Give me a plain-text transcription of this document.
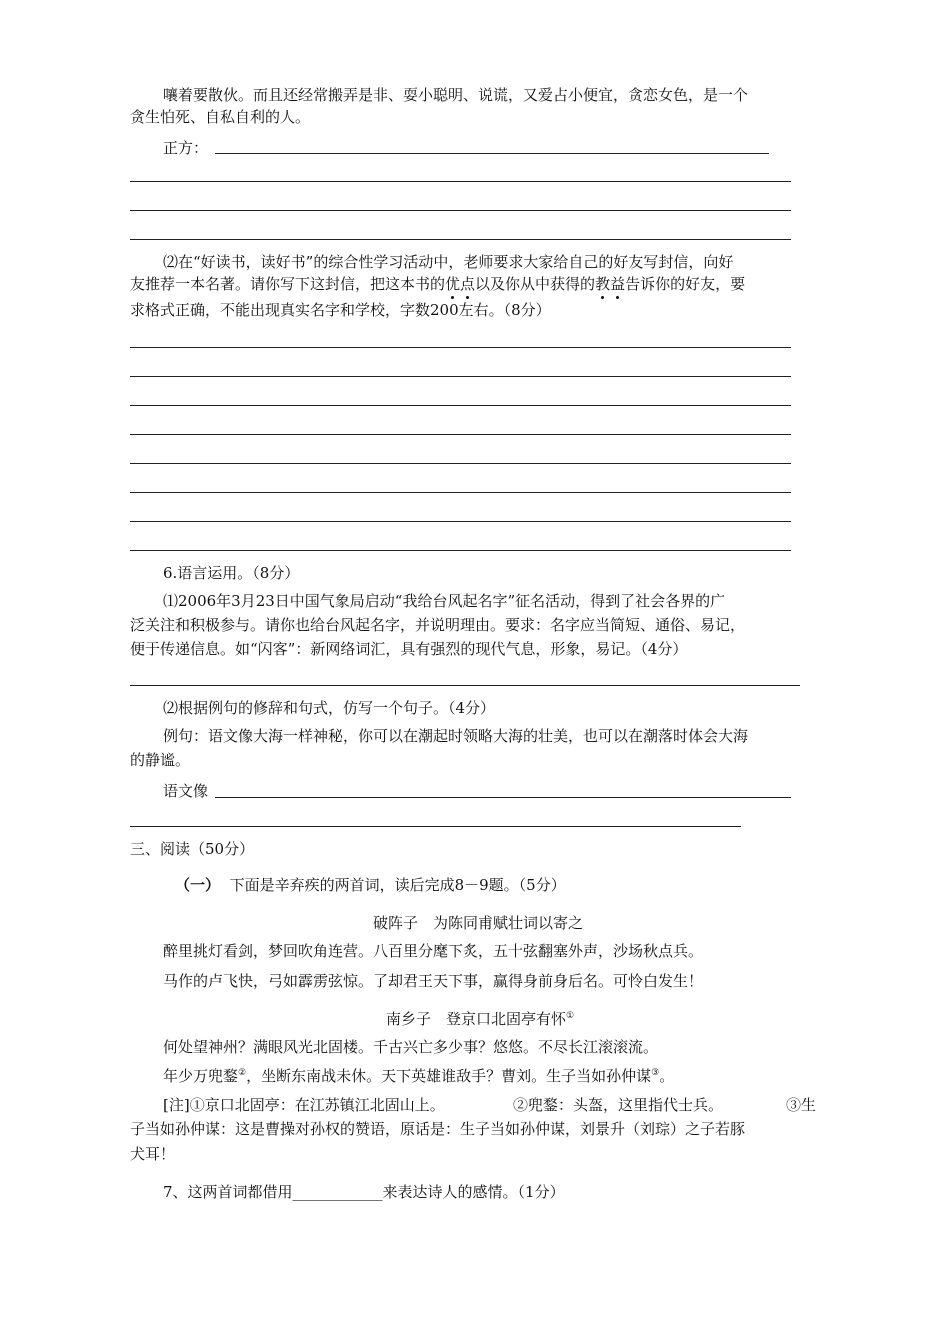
嚷着要散伙。而且还经常搬弄是非、耍小聪明、说谎，又爱占小便宜，贪恋女色，是一个
贪生怕死、自私自利的人。
正方：
⑵在“好读书，读好书”的综合性学习活动中，老师要求大家给自己的好友写封信，向好
友推荐一本名著。请你写下这封信，把这本书的优点以及你从中获得的教益告诉你的好友，要
求格式正确，不能出现真实名字和学校，字数200左右。（8分）
6.语言运用。（8分）
⑴2006年3月23日中国气象局启动“我给台风起名字”征名活动，得到了社会各界的广
泛关注和积极参与。请你也给台风起名字，并说明理由。要求：名字应当简短、通俗、易记，
便于传递信息。如“闪客”：新网络词汇，具有强烈的现代气息，形象，易记。（4分）
⑵根据例句的修辞和句式，仿写一个句子。（4分）
例句：语文像大海一样神秘，你可以在潮起时领略大海的壮美，也可以在潮落时体会大海
的静谧。
语文像
三、阅读（50分）
（一） 下面是辛弃疾的两首词，读后完成8－9题。（5分）
破阵子　为陈同甫赋壮词以寄之
醉里挑灯看剑，梦回吹角连营。八百里分麾下炙，五十弦翻塞外声，沙场秋点兵。
马作的卢飞快，弓如霹雳弦惊。了却君王天下事，赢得身前身后名。可怜白发生！
南乡子　登京口北固亭有怀①
何处望神州？满眼风光北固楼。千古兴亡多少事？悠悠。不尽长江滚滚流。
年少万兜鍪②，坐断东南战未休。天下英雄谁敌手？曹刘。生子当如孙仲谋③。
[注]①京口北固亭：在江苏镇江北固山上。	②兜鍪：头盔，这里指代士兵。	③生
子当如孙仲谋：这是曹操对孙权的赞语，原话是：生子当如孙仲谋，刘景升（刘琮）之子若豚
犬耳！
7、这两首词都借用____________来表达诗人的感情。（1分）
